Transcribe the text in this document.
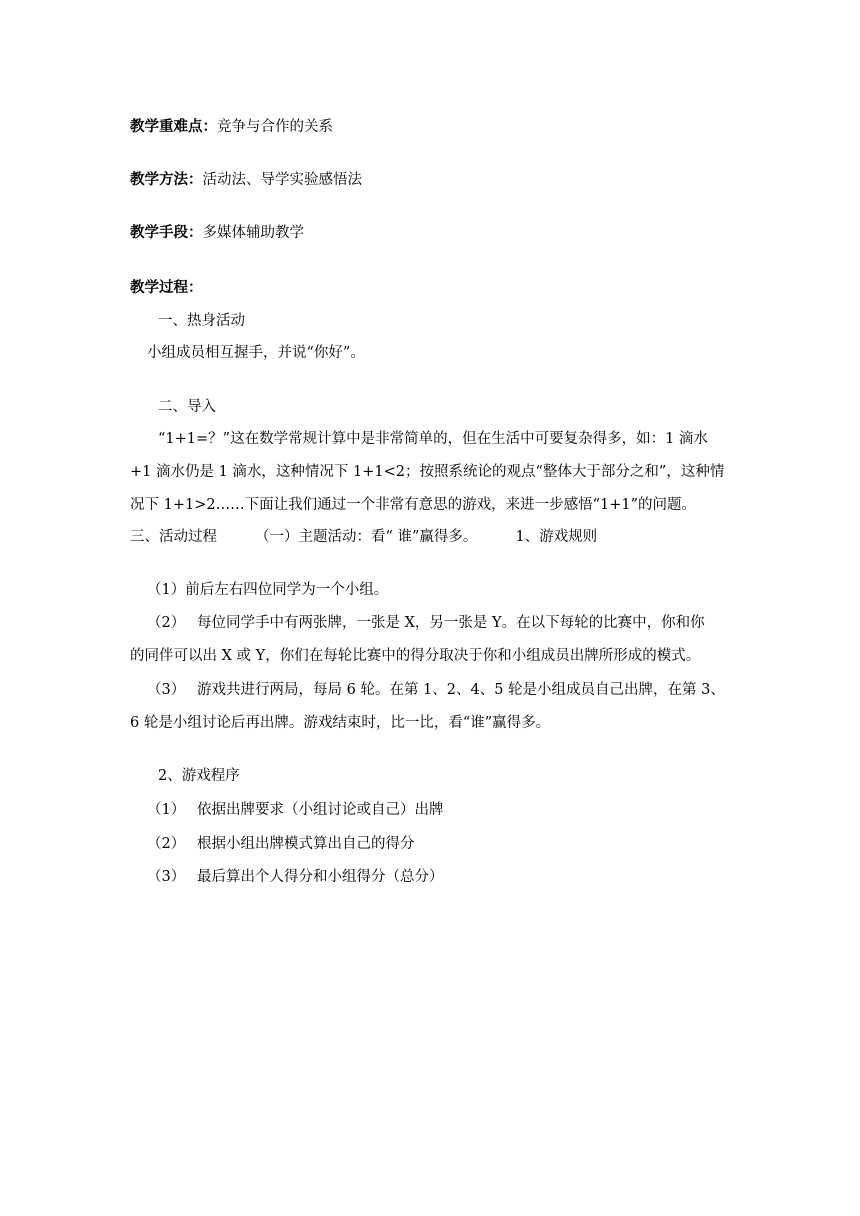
教学重难点：竞争与合作的关系
教学方法：活动法、导学实验感悟法
教学手段：多媒体辅助教学
教学过程：
一、热身活动
小组成员相互握手，并说“你好”。
二、导入
“1+1=？”这在数学常规计算中是非常简单的，但在生活中可要复杂得多，如：1 滴水
+1 滴水仍是 1 滴水，这种情况下 1+1<2；按照系统论的观点“整体大于部分之和”，这种情
况下 1+1>2……下面让我们通过一个非常有意思的游戏，来进一步感悟“1+1”的问题。
三、活动过程	（一）主题活动：看“ 谁”赢得多。	1、游戏规则
（1）前后左右四位同学为一个小组。
（2） 每位同学手中有两张牌，一张是 X，另一张是 Y。在以下每轮的比赛中，你和你
的同伴可以出 X 或 Y，你们在每轮比赛中的得分取决于你和小组成员出牌所形成的模式。
（3） 游戏共进行两局，每局 6 轮。在第 1、2、4、5 轮是小组成员自己出牌，在第 3、
6 轮是小组讨论后再出牌。游戏结束时，比一比，看“谁”赢得多。
2、游戏程序
（1） 依据出牌要求（小组讨论或自己）出牌
（2） 根据小组出牌模式算出自己的得分
（3） 最后算出个人得分和小组得分（总分）
